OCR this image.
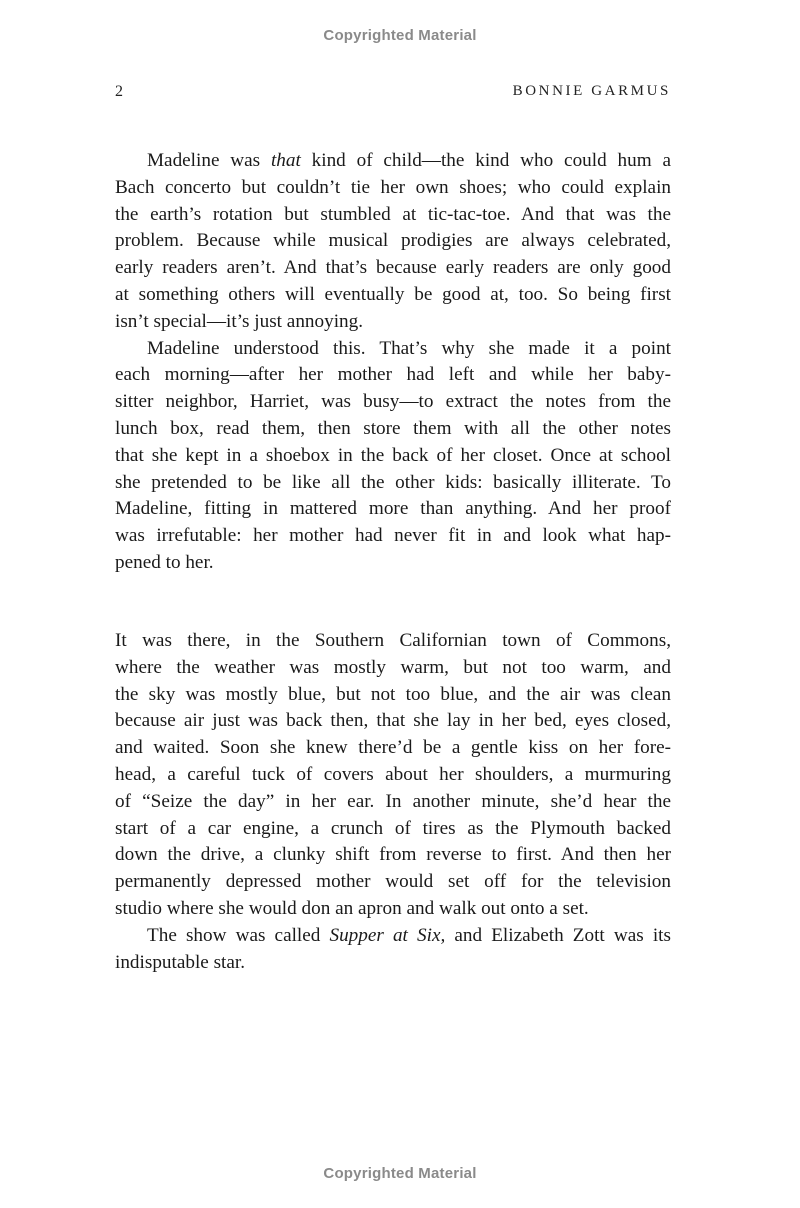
Copyrighted Material
2	BONNIE GARMUS
Madeline was that kind of child—the kind who could hum a
Bach concerto but couldn’t tie her own shoes; who could explain
the earth’s rotation but stumbled at tic-tac-toe. And that was the
problem. Because while musical prodigies are always celebrated,
early readers aren’t. And that’s because early readers are only good
at something others will eventually be good at, too. So being first
isn’t special—it’s just annoying.
Madeline understood this. That’s why she made it a point
each morning—after her mother had left and while her baby-
sitter neighbor, Harriet, was busy—to extract the notes from the
lunch box, read them, then store them with all the other notes
that she kept in a shoebox in the back of her closet. Once at school
she pretended to be like all the other kids: basically illiterate. To
Madeline, fitting in mattered more than anything. And her proof
was irrefutable: her mother had never fit in and look what hap-
pened to her.
It was there, in the Southern Californian town of Commons,
where the weather was mostly warm, but not too warm, and
the sky was mostly blue, but not too blue, and the air was clean
because air just was back then, that she lay in her bed, eyes closed,
and waited. Soon she knew there’d be a gentle kiss on her fore-
head, a careful tuck of covers about her shoulders, a murmuring
of “Seize the day” in her ear. In another minute, she’d hear the
start of a car engine, a crunch of tires as the Plymouth backed
down the drive, a clunky shift from reverse to first. And then her
permanently depressed mother would set off for the television
studio where she would don an apron and walk out onto a set.
The show was called Supper at Six, and Elizabeth Zott was its
indisputable star.
Copyrighted Material
